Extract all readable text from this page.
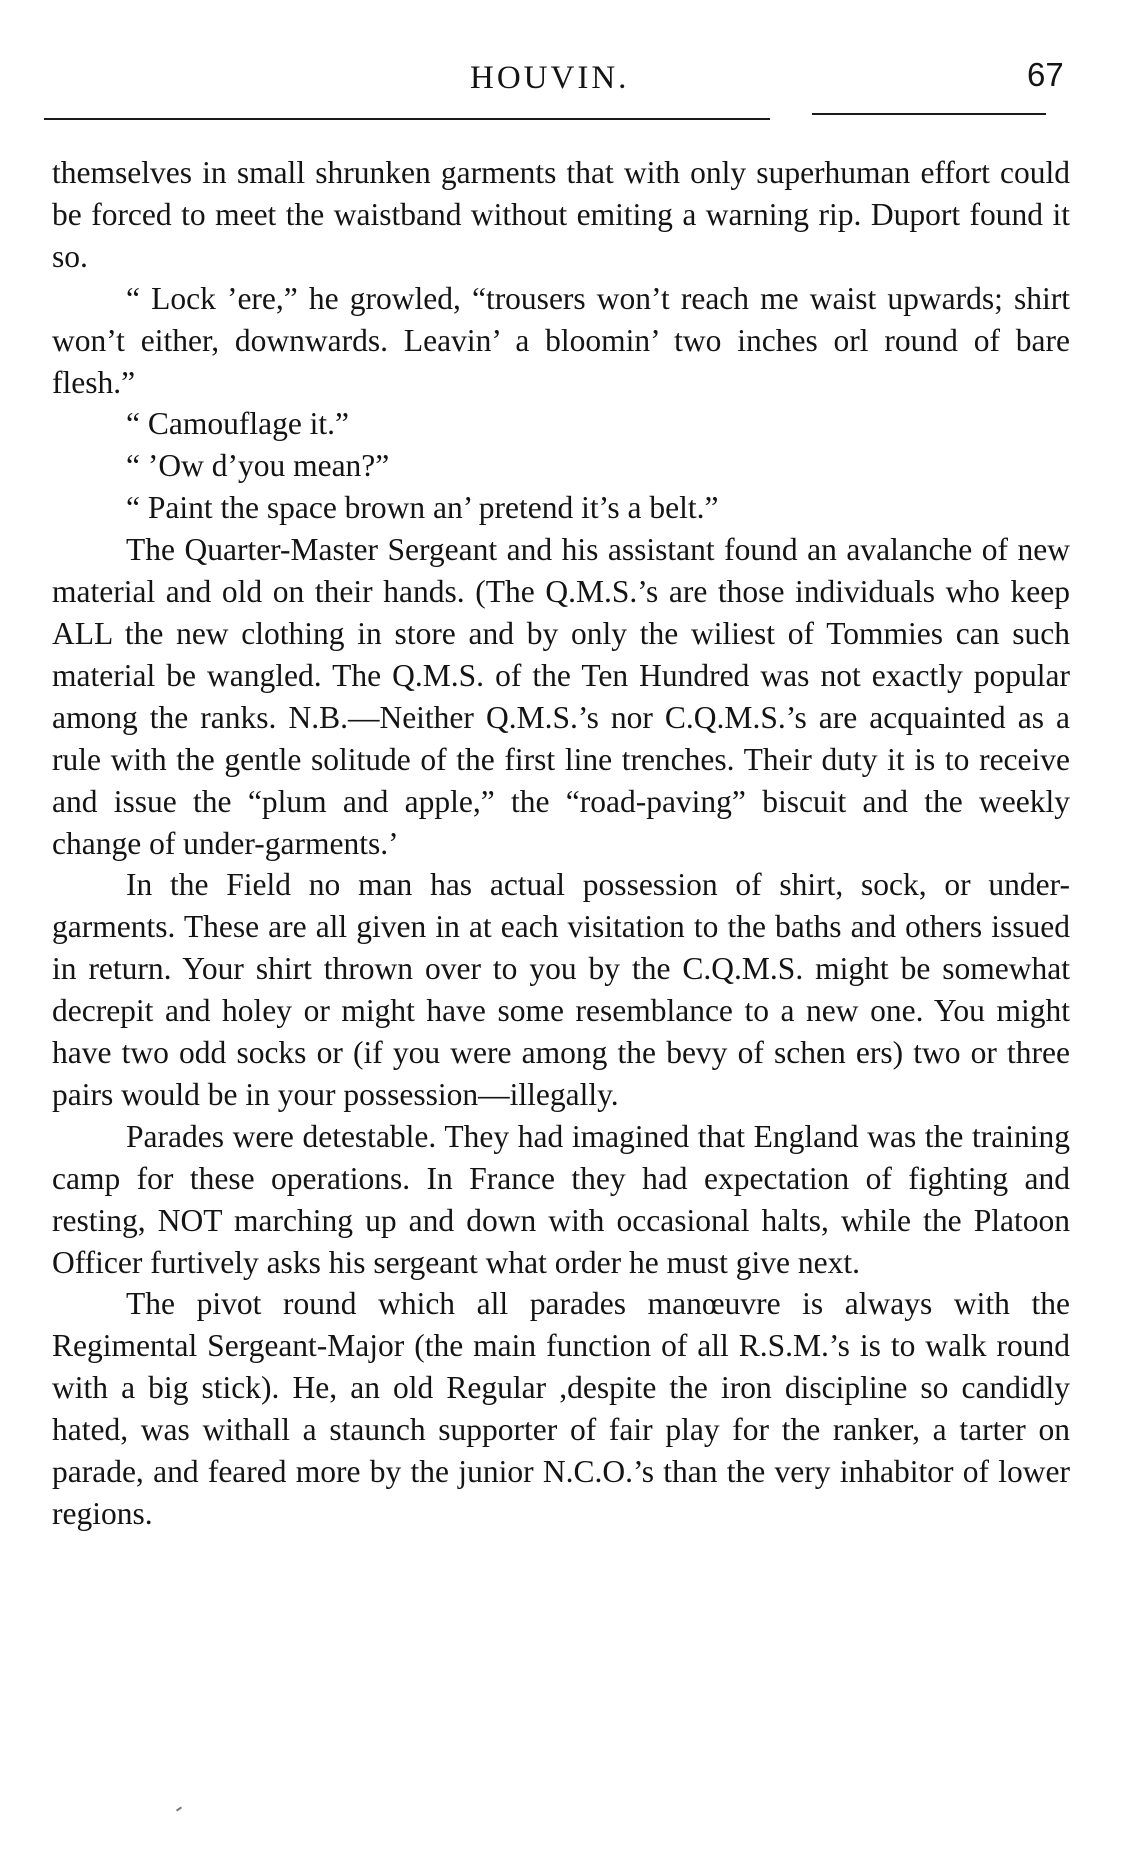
HOUVIN.	67

themselves in small shrunken garments that with only superhuman effort could be forced to meet the waistband without emiting a warning rip. Duport found it so.

“ Lock ’ere,” he growled, “trousers won’t reach me waist upwards; shirt won’t either, downwards. Leavin’ a bloomin’ two inches orl round of bare flesh.”

“ Camouflage it.”

“ ’Ow d’you mean?”

“ Paint the space brown an’ pretend it’s a belt.”

The Quarter-Master Sergeant and his assistant found an avalanche of new material and old on their hands. (The Q.M.S.’s are those individuals who keep ALL the new clothing in store and by only the wiliest of Tommies can such material be wangled. The Q.M.S. of the Ten Hundred was not exactly popular among the ranks. N.B.—Neither Q.M.S.’s nor C.Q.M.S.’s are acquainted as a rule with the gentle solitude of the first line trenches. Their duty it is to receive and issue the “plum and apple,” the “road-paving” biscuit and the weekly change of under-garments.’

In the Field no man has actual possession of shirt, sock, or under-garments. These are all given in at each visitation to the baths and others issued in return. Your shirt thrown over to you by the C.Q.M.S. might be somewhat decrepit and holey or might have some resemblance to a new one. You might have two odd socks or (if you were among the bevy of schen ers) two or three pairs would be in your possession—illegally.

Parades were detestable. They had imagined that England was the training camp for these operations. In France they had expectation of fighting and resting, NOT marching up and down with occasional halts, while the Platoon Officer furtively asks his sergeant what order he must give next.

The pivot round which all parades manœuvre is always with the Regimental Sergeant-Major (the main function of all R.S.M.’s is to walk round with a big stick). He, an old Regular ,despite the iron discipline so candidly hated, was withall a staunch supporter of fair play for the ranker, a tarter on parade, and feared more by the junior N.C.O.’s than the very inhabitor of lower regions.
